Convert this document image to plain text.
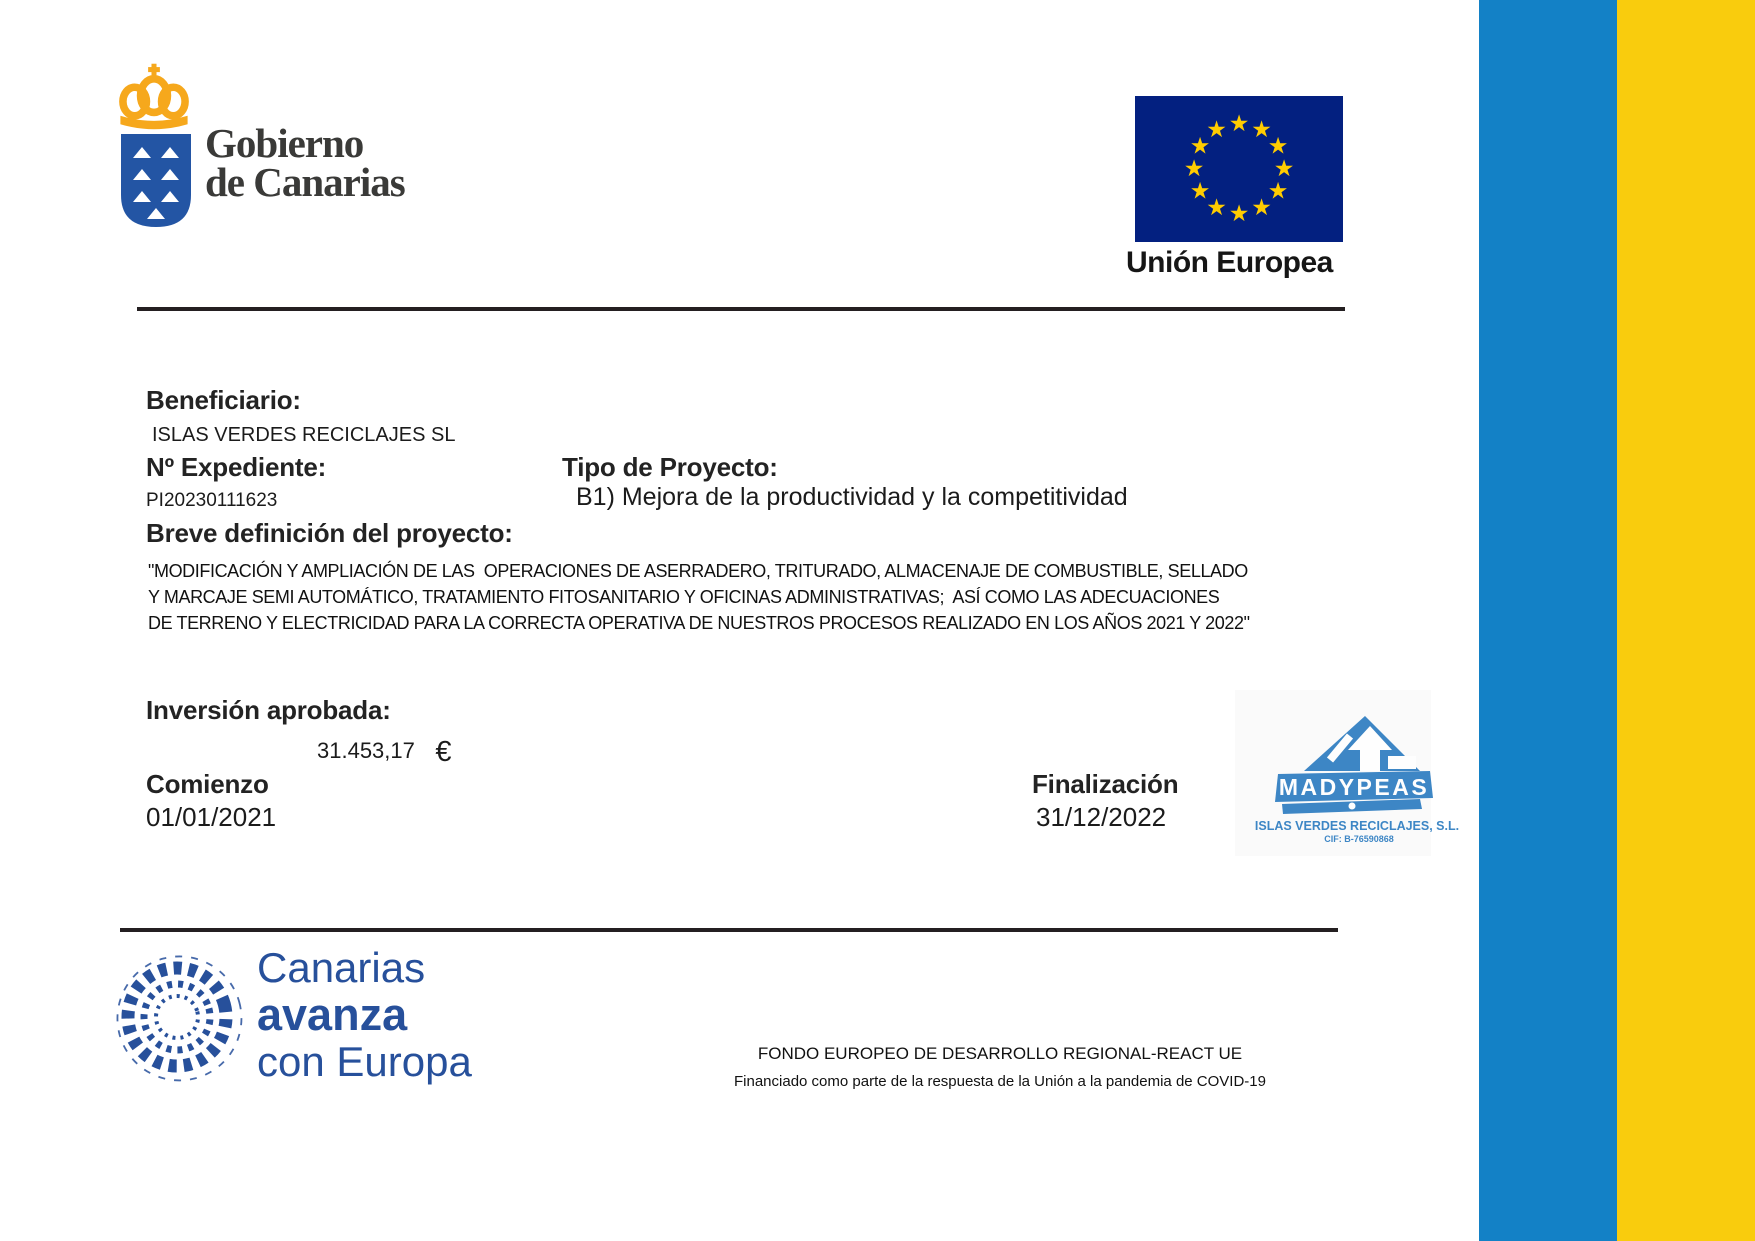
Gobierno
de Canarias
★ ★
★
★
★
★
★
★
★
★
★
★
Unión Europea
Beneficiario:
ISLAS VERDES RECICLAJES SL
Nº Expediente:	Tipo de Proyecto:
PI20230111623	B1) Mejora de la productividad y la competitividad
Breve definición del proyecto:
"MODIFICACIÓN Y AMPLIACIÓN DE LAS  OPERACIONES DE ASERRADERO, TRITURADO, ALMACENAJE DE COMBUSTIBLE, SELLADO
Y MARCAJE SEMI AUTOMÁTICO, TRATAMIENTO FITOSANITARIO Y OFICINAS ADMINISTRATIVAS;  ASÍ COMO LAS ADECUACIONES
DE TERRENO Y ELECTRICIDAD PARA LA CORRECTA OPERATIVA DE NUESTROS PROCESOS REALIZADO EN LOS AÑOS 2021 Y 2022"
Inversión aprobada:
31.453,17 €
Comienzo
01/01/2021
Finalización
31/12/2022
MADYPEAS
ISLAS VERDES RECICLAJES, S.L.
CIF: B-76590868
Canarias
avanza
con Europa	FONDO EUROPEO DE DESARROLLO REGIONAL-REACT UE
Financiado como parte de la respuesta de la Unión a la pandemia de COVID-19
